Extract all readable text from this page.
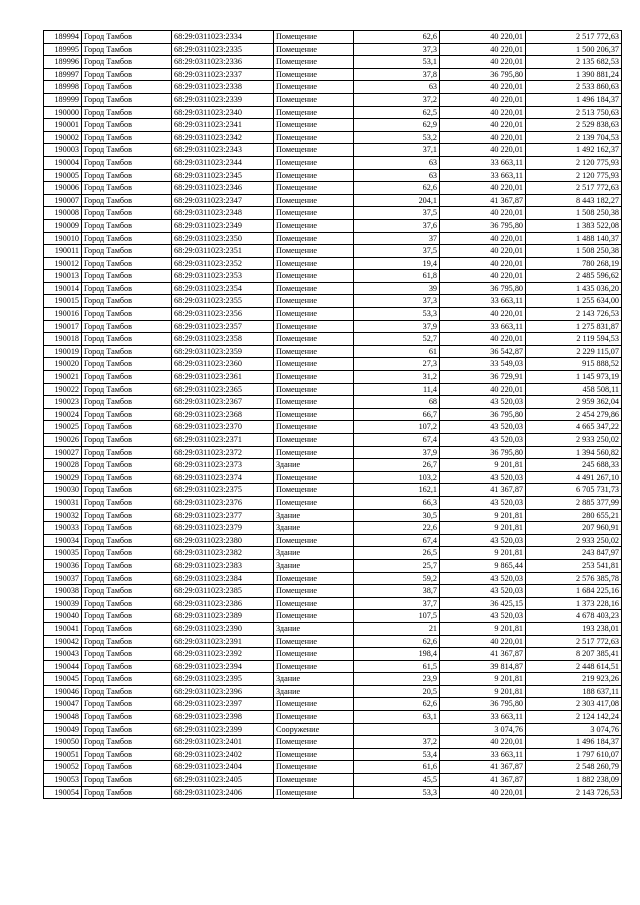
189994	Город Тамбов	68:29:0311023:2334	Помещение	62,6	40 220,01	2 517 772,63
189995	Город Тамбов	68:29:0311023:2335	Помещение	37,3	40 220,01	1 500 206,37
189996	Город Тамбов	68:29:0311023:2336	Помещение	53,1	40 220,01	2 135 682,53
189997	Город Тамбов	68:29:0311023:2337	Помещение	37,8	36 795,80	1 390 881,24
189998	Город Тамбов	68:29:0311023:2338	Помещение	63	40 220,01	2 533 860,63
189999	Город Тамбов	68:29:0311023:2339	Помещение	37,2	40 220,01	1 496 184,37
190000	Город Тамбов	68:29:0311023:2340	Помещение	62,5	40 220,01	2 513 750,63
190001	Город Тамбов	68:29:0311023:2341	Помещение	62,9	40 220,01	2 529 838,63
190002	Город Тамбов	68:29:0311023:2342	Помещение	53,2	40 220,01	2 139 704,53
190003	Город Тамбов	68:29:0311023:2343	Помещение	37,1	40 220,01	1 492 162,37
190004	Город Тамбов	68:29:0311023:2344	Помещение	63	33 663,11	2 120 775,93
190005	Город Тамбов	68:29:0311023:2345	Помещение	63	33 663,11	2 120 775,93
190006	Город Тамбов	68:29:0311023:2346	Помещение	62,6	40 220,01	2 517 772,63
190007	Город Тамбов	68:29:0311023:2347	Помещение	204,1	41 367,87	8 443 182,27
190008	Город Тамбов	68:29:0311023:2348	Помещение	37,5	40 220,01	1 508 250,38
190009	Город Тамбов	68:29:0311023:2349	Помещение	37,6	36 795,80	1 383 522,08
190010	Город Тамбов	68:29:0311023:2350	Помещение	37	40 220,01	1 488 140,37
190011	Город Тамбов	68:29:0311023:2351	Помещение	37,5	40 220,01	1 508 250,38
190012	Город Тамбов	68:29:0311023:2352	Помещение	19,4	40 220,01	780 268,19
190013	Город Тамбов	68:29:0311023:2353	Помещение	61,8	40 220,01	2 485 596,62
190014	Город Тамбов	68:29:0311023:2354	Помещение	39	36 795,80	1 435 036,20
190015	Город Тамбов	68:29:0311023:2355	Помещение	37,3	33 663,11	1 255 634,00
190016	Город Тамбов	68:29:0311023:2356	Помещение	53,3	40 220,01	2 143 726,53
190017	Город Тамбов	68:29:0311023:2357	Помещение	37,9	33 663,11	1 275 831,87
190018	Город Тамбов	68:29:0311023:2358	Помещение	52,7	40 220,01	2 119 594,53
190019	Город Тамбов	68:29:0311023:2359	Помещение	61	36 542,87	2 229 115,07
190020	Город Тамбов	68:29:0311023:2360	Помещение	27,3	33 549,03	915 888,52
190021	Город Тамбов	68:29:0311023:2361	Помещение	31,2	36 729,91	1 145 973,19
190022	Город Тамбов	68:29:0311023:2365	Помещение	11,4	40 220,01	458 508,11
190023	Город Тамбов	68:29:0311023:2367	Помещение	68	43 520,03	2 959 362,04
190024	Город Тамбов	68:29:0311023:2368	Помещение	66,7	36 795,80	2 454 279,86
190025	Город Тамбов	68:29:0311023:2370	Помещение	107,2	43 520,03	4 665 347,22
190026	Город Тамбов	68:29:0311023:2371	Помещение	67,4	43 520,03	2 933 250,02
190027	Город Тамбов	68:29:0311023:2372	Помещение	37,9	36 795,80	1 394 560,82
190028	Город Тамбов	68:29:0311023:2373	Здание	26,7	9 201,81	245 688,33
190029	Город Тамбов	68:29:0311023:2374	Помещение	103,2	43 520,03	4 491 267,10
190030	Город Тамбов	68:29:0311023:2375	Помещение	162,1	41 367,87	6 705 731,73
190031	Город Тамбов	68:29:0311023:2376	Помещение	66,3	43 520,03	2 885 377,99
190032	Город Тамбов	68:29:0311023:2377	Здание	30,5	9 201,81	280 655,21
190033	Город Тамбов	68:29:0311023:2379	Здание	22,6	9 201,81	207 960,91
190034	Город Тамбов	68:29:0311023:2380	Помещение	67,4	43 520,03	2 933 250,02
190035	Город Тамбов	68:29:0311023:2382	Здание	26,5	9 201,81	243 847,97
190036	Город Тамбов	68:29:0311023:2383	Здание	25,7	9 865,44	253 541,81
190037	Город Тамбов	68:29:0311023:2384	Помещение	59,2	43 520,03	2 576 385,78
190038	Город Тамбов	68:29:0311023:2385	Помещение	38,7	43 520,03	1 684 225,16
190039	Город Тамбов	68:29:0311023:2386	Помещение	37,7	36 425,15	1 373 228,16
190040	Город Тамбов	68:29:0311023:2389	Помещение	107,5	43 520,03	4 678 403,23
190041	Город Тамбов	68:29:0311023:2390	Здание	21	9 201,81	193 238,01
190042	Город Тамбов	68:29:0311023:2391	Помещение	62,6	40 220,01	2 517 772,63
190043	Город Тамбов	68:29:0311023:2392	Помещение	198,4	41 367,87	8 207 385,41
190044	Город Тамбов	68:29:0311023:2394	Помещение	61,5	39 814,87	2 448 614,51
190045	Город Тамбов	68:29:0311023:2395	Здание	23,9	9 201,81	219 923,26
190046	Город Тамбов	68:29:0311023:2396	Здание	20,5	9 201,81	188 637,11
190047	Город Тамбов	68:29:0311023:2397	Помещение	62,6	36 795,80	2 303 417,08
190048	Город Тамбов	68:29:0311023:2398	Помещение	63,1	33 663,11	2 124 142,24
190049	Город Тамбов	68:29:0311023:2399	Сооружение		3 074,76	3 074,76
190050	Город Тамбов	68:29:0311023:2401	Помещение	37,2	40 220,01	1 496 184,37
190051	Город Тамбов	68:29:0311023:2402	Помещение	53,4	33 663,11	1 797 610,07
190052	Город Тамбов	68:29:0311023:2404	Помещение	61,6	41 367,87	2 548 260,79
190053	Город Тамбов	68:29:0311023:2405	Помещение	45,5	41 367,87	1 882 238,09
190054	Город Тамбов	68:29:0311023:2406	Помещение	53,3	40 220,01	2 143 726,53
